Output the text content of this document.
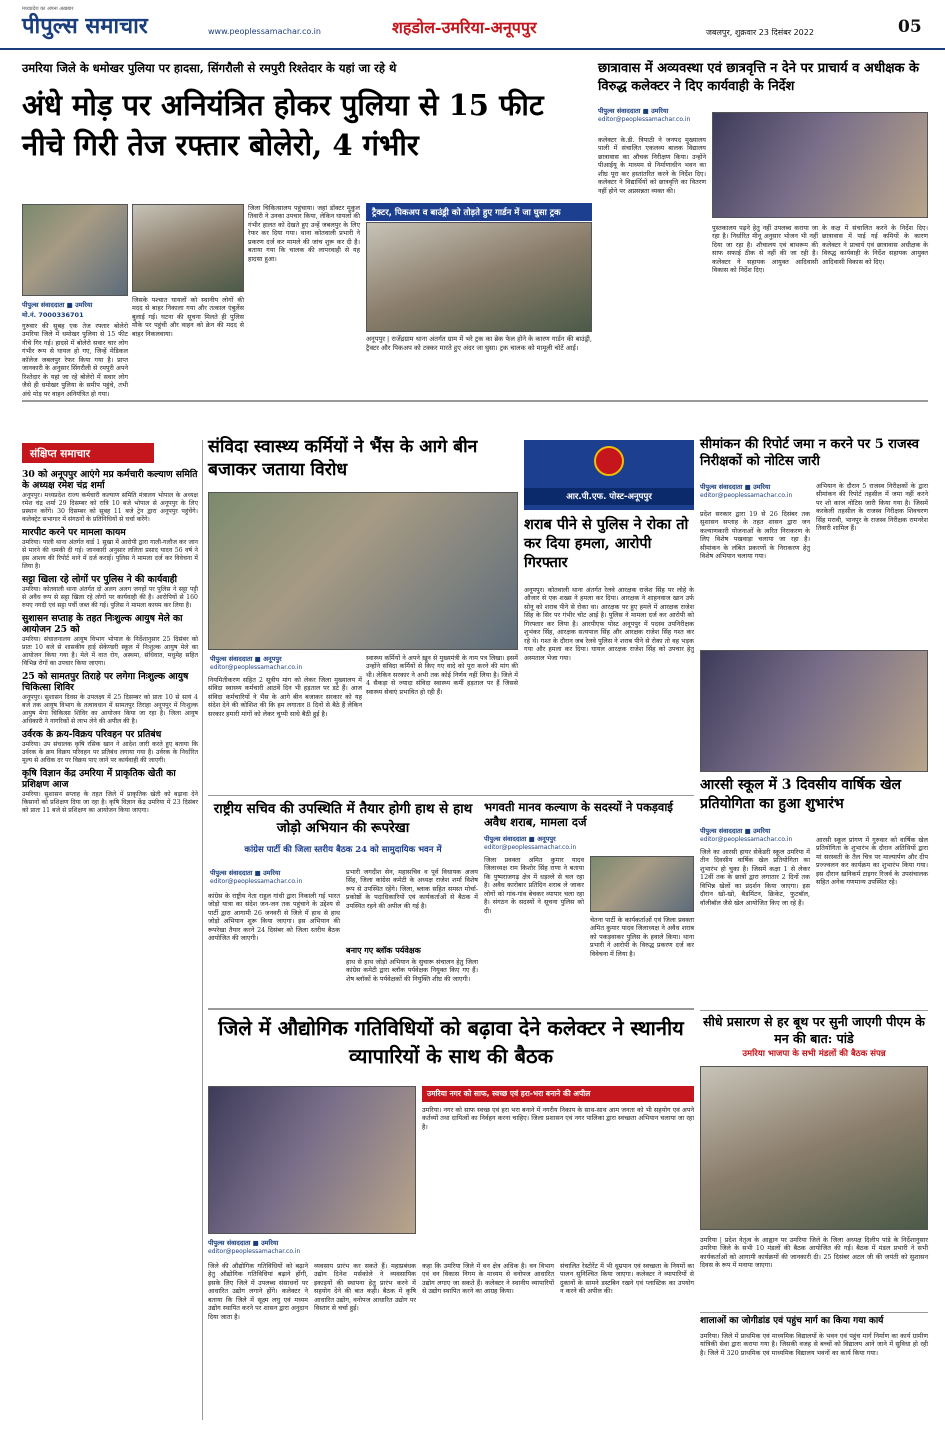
मध्यप्रदेश का अपना अख़बार
पीपुल्स समाचार	www.peoplessamachar.co.in	शहडोल-उमरिया-अनूपपुर	जबलपुर, शुक्रवार 23 दिसंबर 2022	05
उमरिया जिले के धमोखर पुलिया पर हादसा, सिंगरौली से रमपुरी रिश्तेदार के यहां जा रहे थे
अंधे मोड़ पर अनियंत्रित होकर पुलिया से 15 फीट नीचे गिरी तेज रफ्तार बोलेरो, 4 गंभीर
पीपुल्स संवाददाता ■ उमरिया
मो.नं. 7000336701
गुरुवार की सुबह एक तेज रफ्तार बोलेरो उमरिया जिले में धमोखर पुलिया से 15 फीट नीचे गिर गई। हादसे में बोलेरो सवार चार लोग गंभीर रूप से घायल हो गए, जिन्हें मेडिकल कॉलेज जबलपुर रेफर किया गया है। प्राप्त जानकारी के अनुसार सिंगरौली से रमपुरी अपने रिश्तेदार के यहां जा रहे बोलेरो में सवार लोग जैसे ही धमोखर पुलिया के समीप पहुंचे, तभी अंधे मोड़ पर वाहन अनियंत्रित हो गया।
जिसके पश्चात घायलों को स्थानीय लोगों की मदद से बाहर निकाला गया और तत्काल एंबुलेंस बुलाई गई। घटना की सूचना मिलते ही पुलिस मौके पर पहुंची और वाहन को क्रेन की मदद से बाहर निकलवाया।
जिला चिकित्सालय पहुंचाया। जहां डॉक्टर मुकुल तिवारी ने उनका उपचार किया, लेकिन घायलों की गंभीर हालत को देखते हुए उन्हें जबलपुर के लिए रेफर कर दिया गया। थाना कोतवाली प्रभारी ने प्रकरण दर्ज कर मामले की जांच शुरू कर दी है। बताया गया कि चालक की लापरवाही से यह हादसा हुआ।
ट्रैक्टर, पिकअप व बाउंड्री को तोड़ते हुए गार्डन में जा घुसा ट्रक
अनूपपुर | राजेंद्रग्राम थाना अंतर्गत ग्राम में भरे ट्रक का ब्रेक फेल होने के कारण गार्डन की बाउंड्री, ट्रैक्टर और पिकअप को टक्कर मारते हुए अंदर जा घुसा। ट्रक चालक को मामूली चोटें आईं।
छात्रावास में अव्यवस्था एवं छात्रवृत्ति न देने पर प्राचार्य व अधीक्षक के विरुद्ध कलेक्टर ने दिए कार्यवाही के निर्देश
पीपुल्स संवाददाता ■ उमरिया
editor@peoplessamachar.co.in
कलेक्टर के.डी. त्रिपाठी ने जनपद मुख्यालय पाली में संचालित एकलव्य बालक विद्यालय छात्रावास का औचक निरीक्षण किया। उन्होंने पीआईयू के माध्यम से निर्माणाधीन भवन का शीघ्र पूरा कर हस्तांतरित करने के निर्देश दिए। कलेक्टर ने विद्यार्थियों को छात्रवृत्ति का वितरण नहीं होने पर अप्रसन्नता व्यक्त की।
पुस्तकालय पढ़ने हेतु नहीं उपलब्ध कराया जा रहा है। निर्धारित मीनू अनुसार भोजन भी नहीं दिया जा रहा है। शौचालय एवं बाथरूम की साफ सफाई ठीक से नहीं की जा रही है। कलेक्टर ने सहायक आयुक्त आदिवासी विकास को निर्देश दिए।
के कक्ष में संचालित करने के निर्देश दिए। छात्रावास में पाई गई कमियों के कारण कलेक्टर ने प्राचार्य एवं छात्रावास अधीक्षक के विरुद्ध कार्यवाही के निर्देश सहायक आयुक्त आदिवासी विकास को दिए।
संक्षिप्त समाचार
30 को अनूपपुर आएंगे मप्र कर्मचारी कल्याण समिति के अध्यक्ष रमेश चंद्र शर्मा
अनूपपुर। मध्यप्रदेश राज्य कर्मचारी कल्याण समिति मंत्रालय भोपाल के अध्यक्ष रमेश चंद्र शर्मा 29 दिसम्बर को रात्रि 10 बजे भोपाल से अनूपपुर के लिए प्रस्थान करेंगे। 30 दिसम्बर को सुबह 11 बजे ट्रेन द्वारा अनूपपुर पहुंचेंगे। कलेक्ट्रेट सभागार में संगठनों के प्रतिनिधियों से चर्चा करेंगे।
मारपीट करने पर मामला कायम
उमरिया। पाली थाना अंतर्गत वार्ड 1 सुखा में आरोपी द्वारा गाली-गलौज कर जान से मारने की धमकी दी गई। जानकारी अनुसार ललिता प्रसाद यादव 56 वर्ष ने इस आशय की रिपोर्ट थाने में दर्ज कराई। पुलिस ने मामला दर्ज कर विवेचना में लिया है।
सट्टा खिला रहे लोगों पर पुलिस ने की कार्यवाही
उमरिया। कोतवाली थाना अंतर्गत दो अलग अलग जगहों पर पुलिस ने सट्टा पट्टी से अवैध रूप से सट्टा खिला रहे लोगों पर कार्यवाही की है। आरोपियों से 160 रुपए नगदी एवं सट्टा पर्ची जब्त की गई। पुलिस ने मामला कायम कर लिया है।
सुशासन सप्ताह के तहत निःशुल्क आयुष मेले का आयोजन 25 को
उमरिया। संचालनालय आयुष विभाग भोपाल के निर्देशानुसार 25 दिसंबर को प्रातः 10 बजे से शासकीय हाई सेकेण्डरी स्कूल में निःशुल्क आयुष मेले का आयोजन किया गया है। मेले में वात रोग, अस्थमा, संधिवात, मधुमेह सहित विभिन्न रोगों का उपचार किया जाएगा।
25 को सामतपुर तिराहे पर लगेगा निःशुल्क आयुष चिकित्सा शिविर
अनूपपुर। सुशासन दिवस के उपलक्ष्य में 25 दिसम्बर को प्रातः 10 से सायं 4 बजे तक आयुष विभाग के तत्वावधान में सामतपुर तिराहा अनूपपुर में निःशुल्क आयुष मेगा चिकित्सा शिविर का आयोजन किया जा रहा है। जिला आयुष अधिकारी ने नागरिकों से लाभ लेने की अपील की है।
उर्वरक के क्रय-विक्रय परिवहन पर प्रतिबंध
उमरिया। उप संचालक कृषि रसिक खान ने आदेश जारी करते हुए बताया कि उर्वरक के क्रय विक्रय परिवहन पर प्रतिबंध लगाया गया है। उर्वरक के निर्धारित मूल्य से अधिक दर पर विक्रय पाए जाने पर कार्यवाही की जाएगी।
कृषि विज्ञान केंद्र उमरिया में प्राकृतिक खेती का प्रशिक्षण आज
उमरिया। सुशासन सप्ताह के तहत जिले में प्राकृतिक खेती को बढ़ावा देने किसानों को प्रशिक्षण दिया जा रहा है। कृषि विज्ञान केंद्र उमरिया में 23 दिसंबर को प्रातः 11 बजे से प्रशिक्षण का आयोजन किया जाएगा।
संविदा स्वास्थ्य कर्मियों ने भैंस के आगे बीन बजाकर जताया विरोध
पीपुल्स संवाददाता ■ अनूपपुर
editor@peoplessamachar.co.in
नियमितीकरण सहित 2 सूत्रीय मांग को लेकर जिला मुख्यालय में संविदा स्वास्थ्य कर्मचारी आठवें दिन भी हड़ताल पर डटे हैं। आज संविदा कर्मचारियों ने भैंस के आगे बीन बजाकर सरकार को यह संदेश देने की कोशिश की कि हम लगातार 8 दिनों से बैठे हैं लेकिन सरकार हमारी मांगों को लेकर चुप्पी साधे बैठी हुई है।
स्वास्थ्य कर्मियों ने अपने ख़ून से मुख्यमंत्री के नाम पत्र लिखा। इसमें उन्होंने संविदा कर्मियों से किए गए वादे को पूरा करने की मांग की थी। लेकिन सरकार ने अभी तक कोई निर्णय नहीं लिया है। जिले में 4 सैकड़ा से ज्यादा संविदा स्वास्थ्य कर्मी हड़ताल पर हैं जिससे स्वास्थ्य सेवाएं प्रभावित हो रही हैं।
आर.पी.एफ. पोस्ट-अनूपपुर
शराब पीने से पुलिस ने रोका तो कर दिया हमला, आरोपी गिरफ्तार
अनूपपुर। कोतवाली थाना अंतर्गत रेलवे आरक्षक राजेश सिंह पर लोहे के औजार से एक शख्स ने हमला कर दिया। आरक्षक ने शाहनवाज खान उर्फ सोनू को शराब पीने से रोका था। आरक्षक पर हुए हमले में आरक्षक राजेश सिंह के सिर पर गंभीर चोट आई है। पुलिस ने मामला दर्ज कर आरोपी को गिरफ्तार कर लिया है। आरपीएफ पोस्ट अनूपपुर में पदस्थ उपनिरीक्षक शुभंकर सिंह, आरक्षक सत्यपाल सिंह और आरक्षक राजेश सिंह गश्त कर रहे थे। गश्त के दौरान जब रेलवे पुलिस ने शराब पीने से रोका तो वह भड़क गया और हमला कर दिया। घायल आरक्षक राजेश सिंह को उपचार हेतु अस्पताल भेजा गया।
सीमांकन की रिपोर्ट जमा न करने पर 5 राजस्व निरीक्षकों को नोटिस जारी
पीपुल्स संवाददाता ■ उमरिया
editor@peoplessamachar.co.in
प्रदेश सरकार द्वारा 19 से 26 दिसंबर तक सुशासन सप्ताह के तहत शासन द्वारा जन कल्याणकारी योजनाओं के त्वरित निराकरण के लिए विशेष पखवाड़ा चलाया जा रहा है। सीमांकन के लंबित प्रकरणों के निराकरण हेतु विशेष अभियान चलाया गया।
अभियान के दौरान 5 राजस्व निरीक्षकों के द्वारा सीमांकन की रिपोर्ट तहसील में जमा नहीं करने पर शो काज नोटिस जारी किया गया है। जिसमें करकेली तहसील के राजस्व निरीक्षक शिवचरण सिंह मरावी, भानपुर के राजस्व निरीक्षक रामनरेश तिवारी शामिल हैं।
आरसी स्कूल में 3 दिवसीय वार्षिक खेल प्रतियोगिता का हुआ शुभारंभ
पीपुल्स संवाददाता ■ उमरिया
editor@peoplessamachar.co.in
जिले का आरसी हायर सेकेंडरी स्कूल उमरिया में तीन दिवसीय वार्षिक खेल प्रतियोगिता का शुभारंभ हो चुका है। जिसमें कक्षा 1 से लेकर 12वीं तक के छात्रों द्वारा लगातार 2 दिनों तक विभिन्न खेलों का प्रदर्शन किया जाएगा। इस दौरान खो-खो, बैडमिंटन, क्रिकेट, फुटबॉल, वॉलीबॉल जैसे खेल आयोजित किए जा रहे हैं।
आरसी स्कूल प्रांगण में गुरुवार को वार्षिक खेल प्रतियोगिता के शुभारंभ के दौरान अतिथियों द्वारा मां सरस्वती के तैल चित्र पर माल्यार्पण और दीप प्रज्ज्वलन कर कार्यक्रम का शुभारंभ किया गया। इस दौरान खनिकर्म टाइगर रिजर्व के उपसंचालक सहित अनेक गणमान्य उपस्थित रहे।
राष्ट्रीय सचिव की उपस्थिति में तैयार होगी हाथ से हाथ जोड़ो अभियान की रूपरेखा
कांग्रेस पार्टी की जिला स्तरीय बैठक 24 को सामुदायिक भवन में
पीपुल्स संवाददाता ■ उमरिया
editor@peoplessamachar.co.in
कांग्रेस के राष्ट्रीय नेता राहुल गांधी द्वारा निकाली गई भारत जोड़ो यात्रा का संदेश जन-जन तक पहुंचाने के उद्देश्य से पार्टी द्वारा आगामी 26 जनवरी से जिले में हाथ से हाथ जोड़ो अभियान शुरू किया जाएगा। इस अभियान की रूपरेखा तैयार करने 24 दिसंबर को जिला स्तरीय बैठक आयोजित की जाएगी।
प्रभारी जगदीश सेन, महासचिव व पूर्व विधायक अजय सिंह, जिला कांग्रेस कमेटी के अध्यक्ष राजेश शर्मा विशेष रूप से उपस्थित रहेंगे। जिला, ब्लाक सहित समस्त मोर्चा-प्रकोष्ठों के पदाधिकारियों एवं कार्यकर्ताओं से बैठक में उपस्थित रहने की अपील की गई है।
बनाए गए ब्लॉक पर्यवेक्षक
हाथ से हाथ जोड़ो अभियान के सुचारू संचालन हेतु जिला कांग्रेस कमेटी द्वारा ब्लॉक पर्यवेक्षक नियुक्त किए गए हैं। शेष ब्लॉकों के पर्यवेक्षकों की नियुक्ति शीघ्र की जाएगी।
भगवती मानव कल्याण के सदस्यों ने पकड़वाई अवैध शराब, मामला दर्ज
पीपुल्स संवाददाता ■ अनूपपुर
editor@peoplessamachar.co.in
जिला प्रवक्ता अमित कुमार यादव जिलाध्यक्ष राम किशोर सिंह राणा ने बताया कि पुष्पराजगढ़ क्षेत्र में धड़ल्ले से चल रहा है। अवैध कारोबार प्रतिदिन शराब ले जाकर लोगों को गांव-गांव बेचकर व्यापार चला रहा है। संगठन के सदस्यों ने सूचना पुलिस को दी।
चेतना पार्टी के कार्यकर्ताओं एवं जिला प्रवक्ता अमित कुमार यादव जिलाध्यक्ष ने अवैध शराब को पकड़वाकर पुलिस के हवाले किया। थाना प्रभारी ने आरोपी के विरुद्ध प्रकरण दर्ज कर विवेचना में लिया है।
सीधे प्रसारण से हर बूथ पर सुनी जाएगी पीएम के मन की बात: पांडे
उमरिया भाजपा के सभी मंडलों की बैठक संपन्न
उमरिया | प्रदेश नेतृत्व के आह्वान पर उमरिया जिले के जिला अध्यक्ष दिलीप पांडे के निर्देशानुसार उमरिया जिले के सभी 10 मंडलों की बैठक आयोजित की गई। बैठक में मंडल प्रभारी ने सभी कार्यकर्ताओं को आगामी कार्यक्रमों की जानकारी दी। 25 दिसंबर अटल जी की जयंती को सुशासन दिवस के रूप में मनाया जाएगा।
जिले में औद्योगिक गतिविधियों को बढ़ावा देने कलेक्टर ने स्थानीय व्यापारियों के साथ की बैठक
पीपुल्स संवाददाता ■ उमरिया
editor@peoplessamachar.co.in
जिले की औद्योगिक गतिविधियों को बढ़ाने हेतु औद्योगिक गतिविधियां बढ़ाने होंगी, इसके लिए जिले में उपलब्ध संसाधनों पर आधारित उद्योग लगाने होंगे। कलेक्टर ने बताया कि जिले में सूक्ष्म लघु एवं मध्यम उद्योग स्थापित करने पर शासन द्वारा अनुदान दिया जाता है।
व्यवसाय प्रारंभ कर सकते हैं। महाप्रबंधक उद्योग दिनेश मर्सकोले ने व्यवसायिक इकाइयों की स्थापना हेतु प्रारंभ करने में सहयोग देने की बात कही। बैठक में कृषि आधारित उद्योग, वनोपज आधारित उद्योग पर विस्तार से चर्चा हुई।
उमरिया नगर को साफ, स्वच्छ एवं हरा-भरा बनाने की अपील
उमरिया। नगर को साफ स्वच्छ एवं हरा भरा बनाने में नगरीय निकाय के साथ-साथ आम जनता को भी सहयोग एवं अपने कर्तव्यों तथा दायित्वों का निर्वहन करना चाहिए। जिला प्रशासन एवं नगर पालिका द्वारा स्वच्छता अभियान चलाया जा रहा है।
कहा कि उमरिया जिले में वन क्षेत्र अधिक है। वन विभाग एवं वन विकास निगम के माध्यम से वनोपज आधारित उद्योग लगाए जा सकते हैं। कलेक्टर ने स्थानीय व्यापारियों से उद्योग स्थापित करने का आग्रह किया।
संचालित रेस्टोरेंट में भी धूम्रपान एवं स्वच्छता के नियमों का पालन सुनिश्चित किया जाएगा। कलेक्टर ने व्यापारियों से दुकानों के सामने डस्टबिन रखने एवं प्लास्टिक का उपयोग न करने की अपील की।
शालाओं का जोगीडांड एवं पहुंच मार्ग का किया गया कार्य
उमरिया। जिले में प्राथमिक एवं माध्यमिक विद्यालयों के भवन एवं पहुंच मार्ग निर्माण का कार्य ग्रामीण यांत्रिकी सेवा द्वारा कराया गया है। जिसकी वजह से बच्चों को विद्यालय आने जाने में सुविधा हो रही है। जिले में 320 प्राथमिक एवं माध्यमिक विद्यालय भवनों का कार्य किया गया।
